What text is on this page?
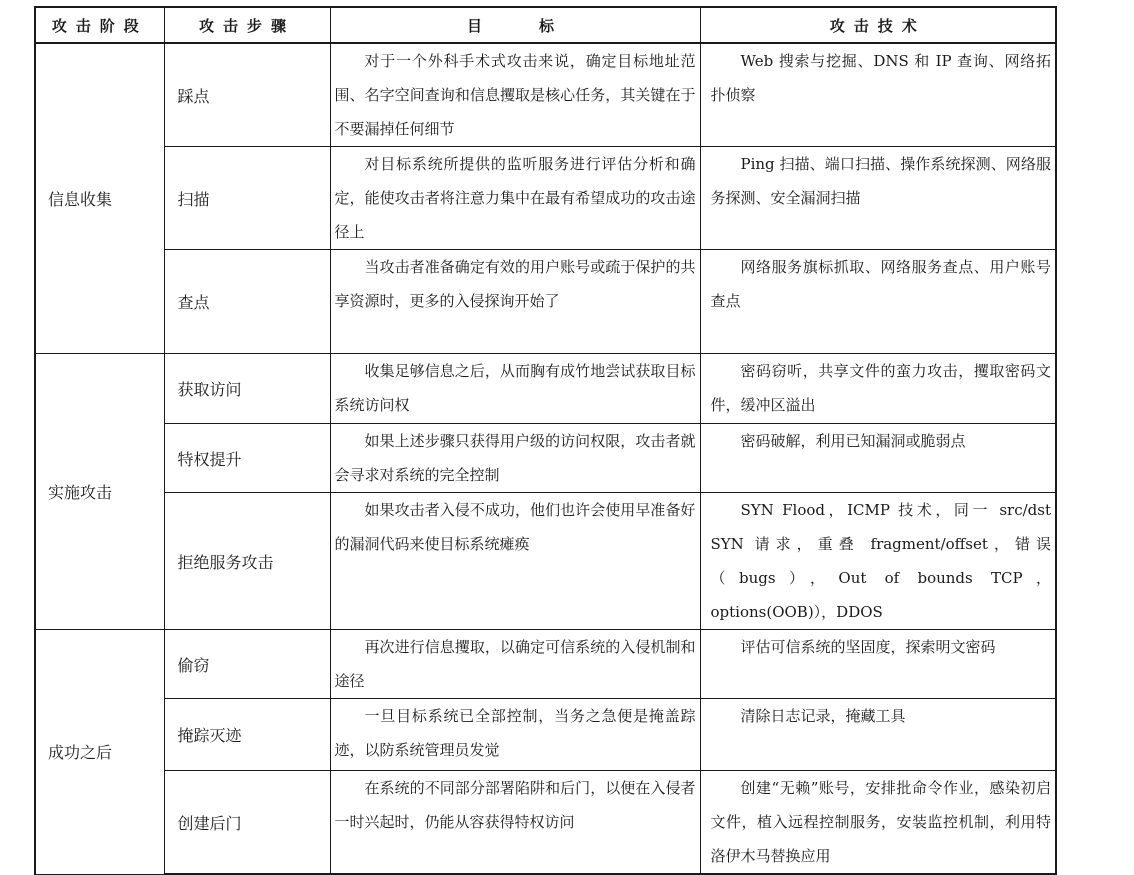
攻击阶段	攻击步骤	目　　标	攻击技术
信息收集	踩点	对于一个外科手术式攻击来说，确定目标地址范围、名字空间查询和信息攫取是核心任务，其关键在于不要漏掉任何细节	Web 搜索与挖掘、DNS 和 IP 查询、网络拓扑侦察
	扫描	对目标系统所提供的监听服务进行评估分析和确定，能使攻击者将注意力集中在最有希望成功的攻击途径上	Ping 扫描、端口扫描、操作系统探测、网络服务探测、安全漏洞扫描
	查点	当攻击者准备确定有效的用户账号或疏于保护的共享资源时，更多的入侵探询开始了	网络服务旗标抓取、网络服务查点、用户账号查点
实施攻击	获取访问	收集足够信息之后，从而胸有成竹地尝试获取目标系统访问权	密码窃听，共享文件的蛮力攻击，攫取密码文件，缓冲区溢出
	特权提升	如果上述步骤只获得用户级的访问权限，攻击者就会寻求对系统的完全控制	密码破解，利用已知漏洞或脆弱点
	拒绝服务攻击	如果攻击者入侵不成功，他们也许会使用早准备好的漏洞代码来使目标系统瘫痪	SYN Flood，ICMP 技术，同一 src/dst SYN 请求，重叠 fragment/offset，错误（bugs），Out of bounds TCP，options(OOB)），DDOS
成功之后	偷窃	再次进行信息攫取，以确定可信系统的入侵机制和途径	评估可信系统的坚固度，探索明文密码
	掩踪灭迹	一旦目标系统已全部控制，当务之急便是掩盖踪迹，以防系统管理员发觉	清除日志记录，掩藏工具
	创建后门	在系统的不同部分部署陷阱和后门，以便在入侵者一时兴起时，仍能从容获得特权访问	创建“无赖”账号，安排批命令作业，感染初启文件，植入远程控制服务，安装监控机制，利用特洛伊木马替换应用
